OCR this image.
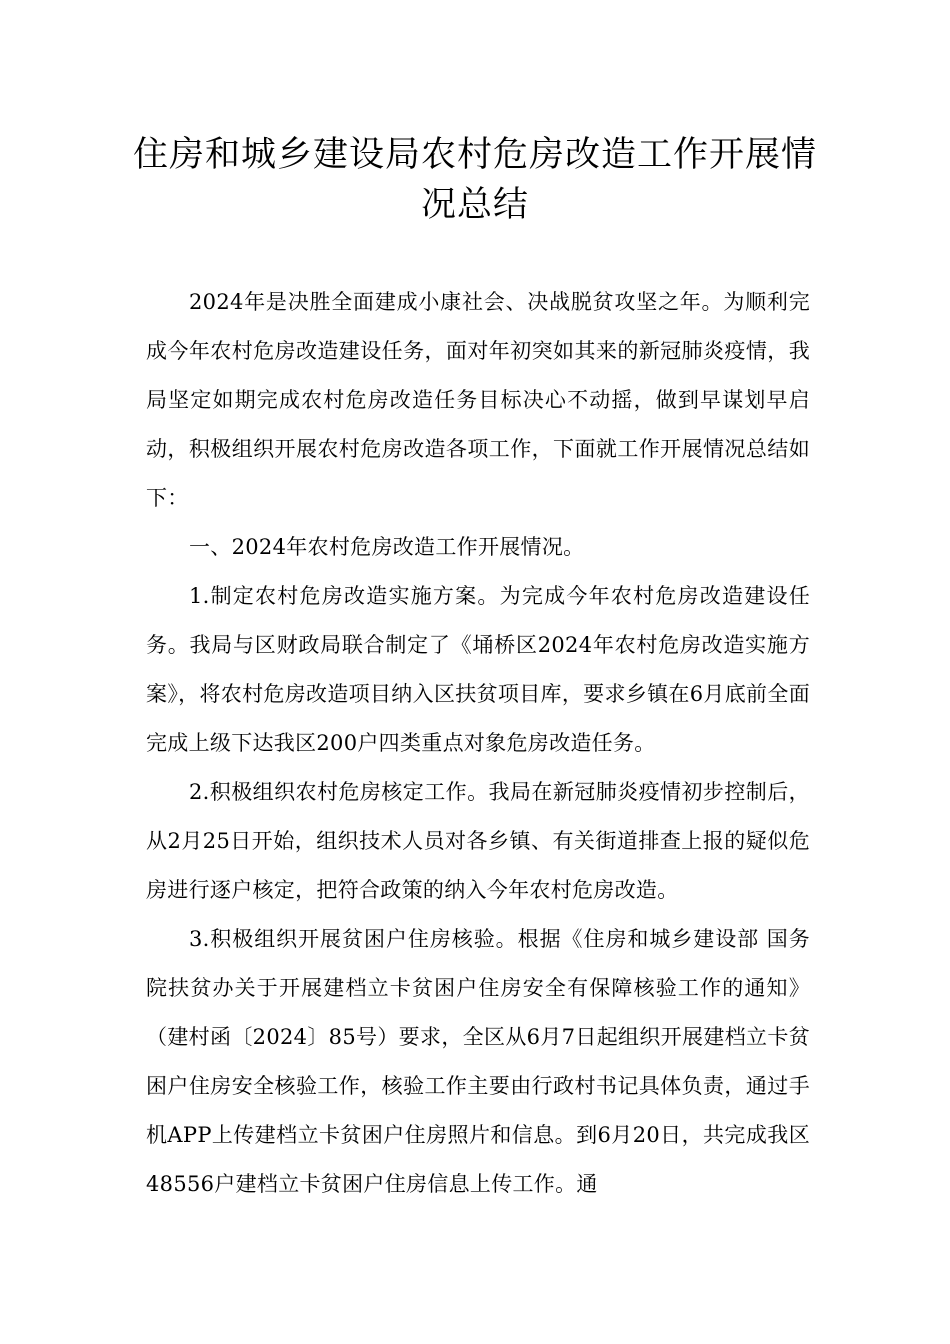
住房和城乡建设局农村危房改造工作开展情况总结

2024年是决胜全面建成小康社会、决战脱贫攻坚之年。为顺利完成今年农村危房改造建设任务，面对年初突如其来的新冠肺炎疫情，我局坚定如期完成农村危房改造任务目标决心不动摇，做到早谋划早启动，积极组织开展农村危房改造各项工作，下面就工作开展情况总结如下：

一、2024年农村危房改造工作开展情况。

1.制定农村危房改造实施方案。为完成今年农村危房改造建设任务。我局与区财政局联合制定了《埇桥区2024年农村危房改造实施方案》，将农村危房改造项目纳入区扶贫项目库，要求乡镇在6月底前全面完成上级下达我区200户四类重点对象危房改造任务。

2.积极组织农村危房核定工作。我局在新冠肺炎疫情初步控制后，从2月25日开始，组织技术人员对各乡镇、有关街道排查上报的疑似危房进行逐户核定，把符合政策的纳入今年农村危房改造。

3.积极组织开展贫困户住房核验。根据《住房和城乡建设部 国务院扶贫办关于开展建档立卡贫困户住房安全有保障核验工作的通知》（建村函〔2024〕85号）要求，全区从6月7日起组织开展建档立卡贫困户住房安全核验工作，核验工作主要由行政村书记具体负责，通过手机APP上传建档立卡贫困户住房照片和信息。到6月20日，共完成我区48556户建档立卡贫困户住房信息上传工作。通
